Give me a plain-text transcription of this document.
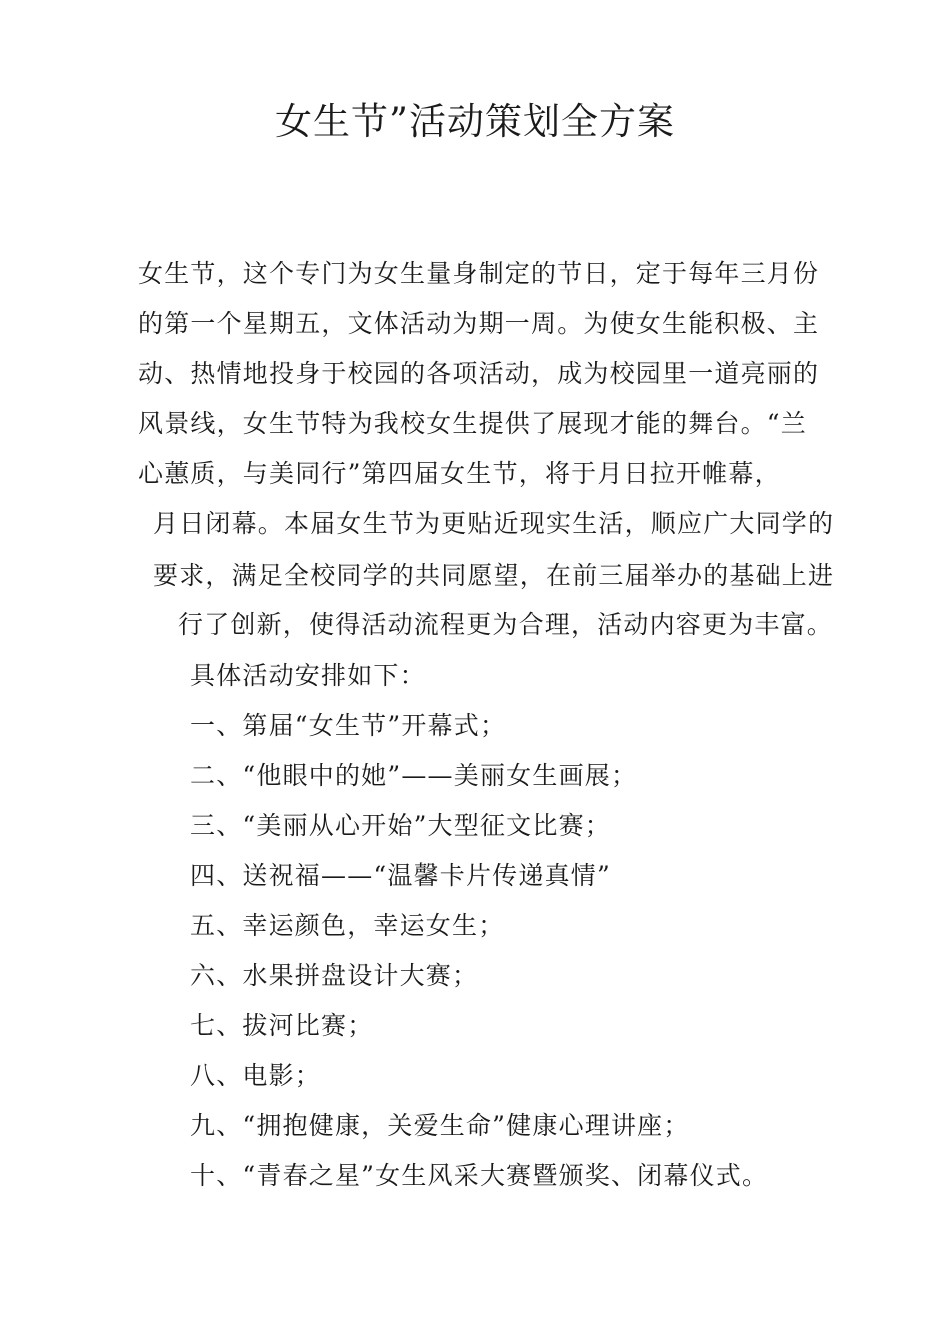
女生节”活动策划全方案

女生节，这个专门为女生量身制定的节日，定于每年三月份

的第一个星期五，文体活动为期一周。为使女生能积极、主

动、热情地投身于校园的各项活动，成为校园里一道亮丽的

风景线，女生节特为我校女生提供了展现才能的舞台。“兰

心蕙质，与美同行”第四届女生节，将于月日拉开帷幕，

月日闭幕。本届女生节为更贴近现实生活，顺应广大同学的

要求，满足全校同学的共同愿望，在前三届举办的基础上进

行了创新，使得活动流程更为合理，活动内容更为丰富。

具体活动安排如下：

一、第届“女生节”开幕式；

二、“他眼中的她”——美丽女生画展；

三、“美丽从心开始”大型征文比赛；

四、送祝福——“温馨卡片传递真情”

五、幸运颜色，幸运女生；

六、水果拼盘设计大赛；

七、拔河比赛；

八、电影；

九、“拥抱健康，关爱生命”健康心理讲座；

十、“青春之星”女生风采大赛暨颁奖、闭幕仪式。
